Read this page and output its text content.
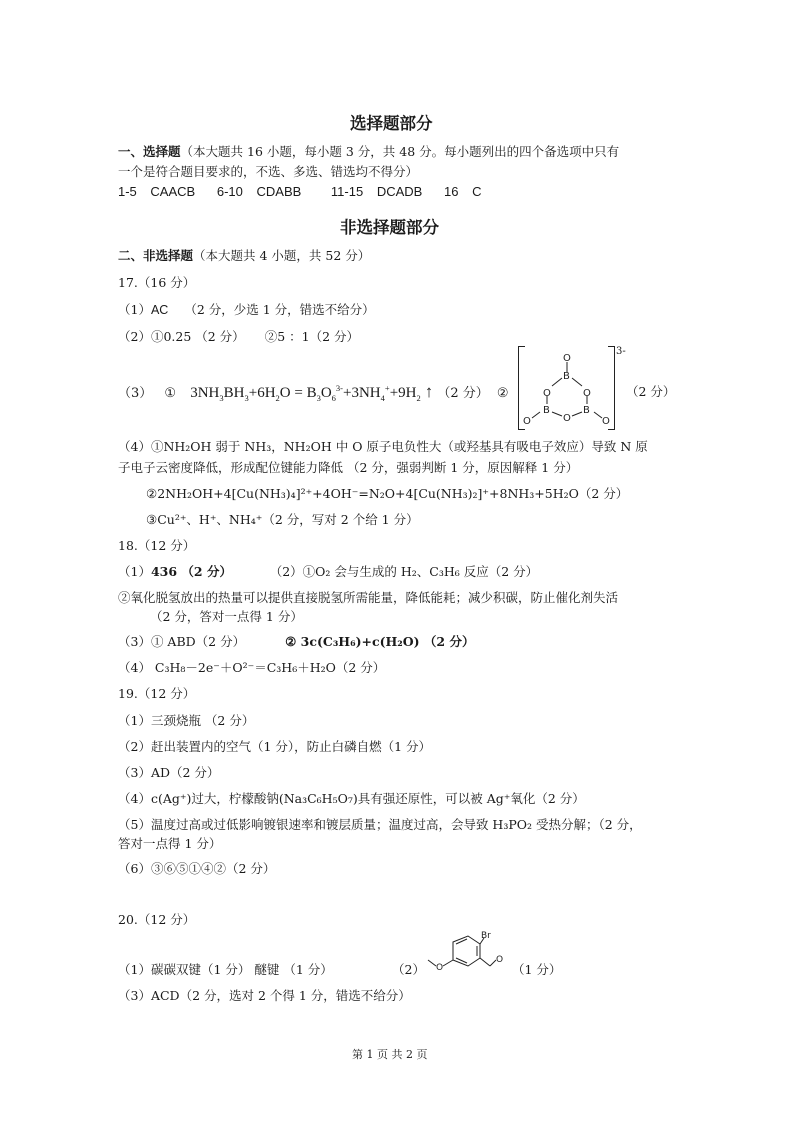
选择题部分
一、选择题（本大题共 16 小题，每小题 3 分，共 48 分。每小题列出的四个备选项中只有
一个是符合题目要求的，不选、多选、错选均不得分）
1-5 CAACB 6-10 CDABB 11-15 DCADB 16 C
非选择题部分
二、非选择题（本大题共 4 小题，共 52 分）
17.（16 分）
（1）AC （2 分，少选 1 分，错选不给分）
（2）①0.25 （2 分） ②5 ：1（2 分）
（3） ① $3NH_3BH_3+6H_2O = B_3O_6^{3-}+3NH_4^++9H_2$ ↑ （2 分） ②
3-
O
B
O	O
B	B
O
O	O
（2 分）
（4）①NH₂OH 弱于 NH₃，NH₂OH 中 O 原子电负性大（或羟基具有吸电子效应）导致 N 原
子电子云密度降低，形成配位键能力降低 （2 分，强弱判断 1 分，原因解释 1 分）
②2NH₂OH+4[Cu(NH₃)₄]²⁺+4OH⁻=N₂O+4[Cu(NH₃)₂]⁺+8NH₃+5H₂O（2 分）
③Cu²⁺、H⁺、NH₄⁺（2 分，写对 2 个给 1 分）
18.（12 分）
（1）436 （2 分）	（2）①O₂ 会与生成的 H₂、C₃H₆ 反应（2 分）
②氧化脱氢放出的热量可以提供直接脱氢所需能量，降低能耗；减少积碳，防止催化剂失活
（2 分，答对一点得 1 分）
（3）① ABD（2 分）	② 3c(C₃H₆)+c(H₂O) （2 分）
（4） C₃H₈－2e⁻＋O²⁻＝C₃H₆＋H₂O（2 分）
19.（12 分）
（1）三颈烧瓶 （2 分）
（2）赶出装置内的空气（1 分），防止白磷自燃（1 分）
（3）AD（2 分）
（4）c(Ag⁺)过大，柠檬酸钠(Na₃C₆H₅O₇)具有强还原性，可以被 Ag⁺氧化（2 分）
（5）温度过高或过低影响镀银速率和镀层质量；温度过高，会导致 H₃PO₂ 受热分解；（2 分，
答对一点得 1 分）
（6）③⑥⑤①④②（2 分）
20.（12 分）
（1）碳碳双键（1 分） 醚键 （1 分）	（2）
Br
O
O
（1 分）
（3）ACD（2 分，选对 2 个得 1 分，错选不给分）
第 1 页 共 2 页
